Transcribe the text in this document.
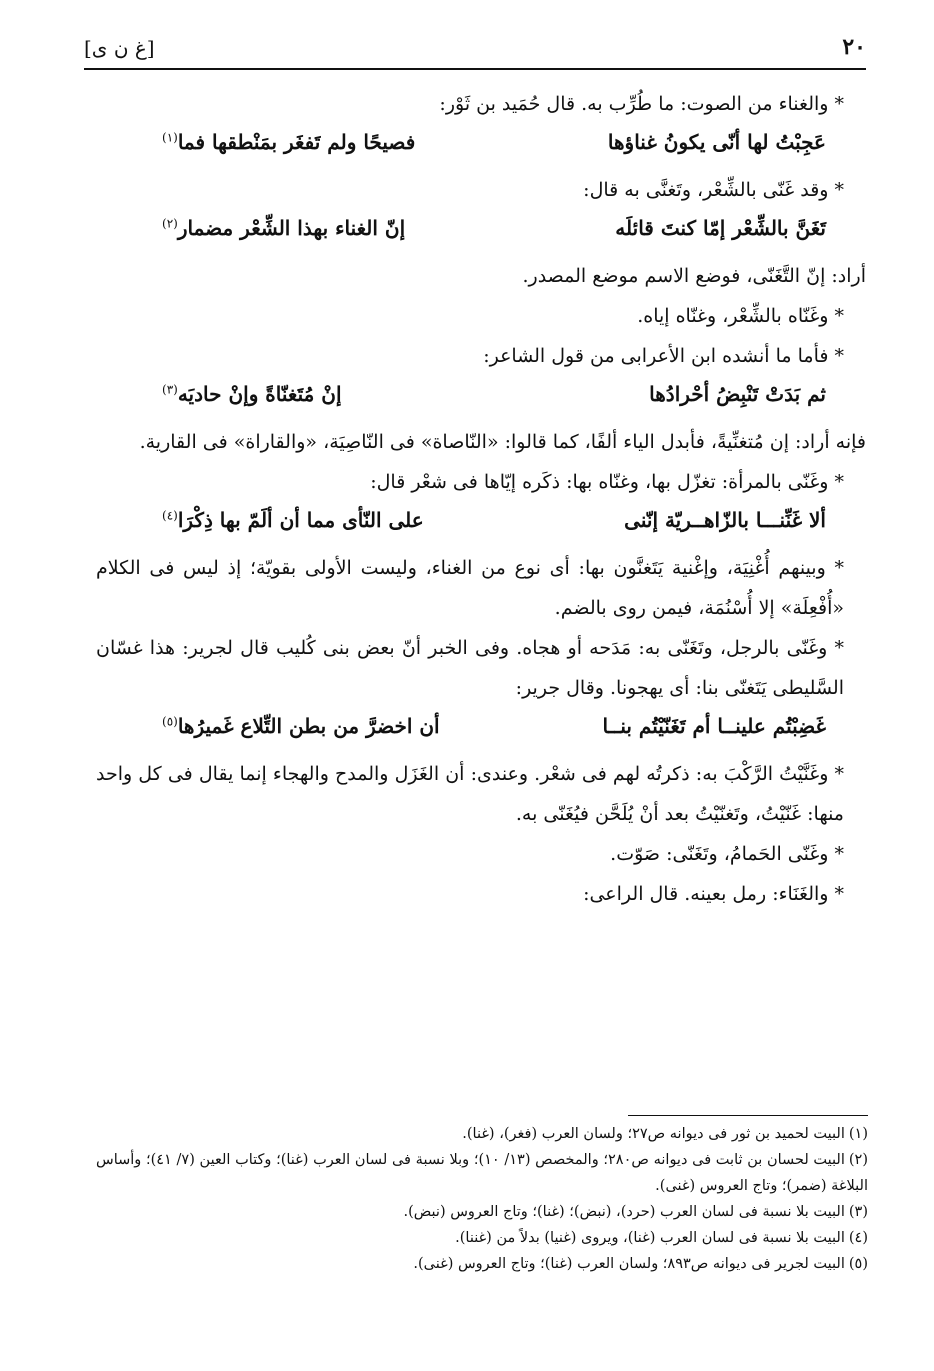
[غ ن ى]	٢٠

* والغناء من الصوت: ما طُرِّب به. قال حُمَيد بن ثَوْر:

عَجِبْتُ لها أنّى يكونُ غناؤها
فصيحًا ولم تَفغَر بمَنْطقها فما$^{(١)}$

* وقد غَنّى بالشِّعْر، وتَغنَّى به قال:

تَغَنَّ بالشِّعْر إمّا كنتَ قائلَه
إنّ الغناء بهذا الشِّعْر مضمار$^{(٢)}$

أراد: إنّ التَّغَنّى، فوضع الاسم موضع المصدر.

* وغَنّاه بالشِّعْر، وغنّاه إياه.

* فأما ما أنشده ابن الأعرابى من قول الشاعر:

ثم بَدَتْ تَنْبِضُ أحْرادُها
إنْ مُتَغنّاةً وإنْ حاديَه$^{(٣)}$

فإنه أراد: إن مُتغنِّيةً، فأبدل الياء ألفًا، كما قالوا: «النّاصاة» فى النّاصِيَة، «والقاراة» فى القارية.

* وغَنّى بالمرأة: تغزّل بها، وغنّاه بها: ذكَره إيّاها فى شعْر قال:

ألا غَنِّنـــا بالزّاهــريّة إنّنى
على النّأى مما أن ألَمّ بها ذِكْرَا$^{(٤)}$

* وبينهم أُغْنِيَة، وإغْنية يَتَغنَّون بها: أى نوع من الغناء، وليست الأولى بقويّة؛ إذ ليس فى الكلام «أُفْعِلَة» إلا أُسْنُمَة، فيمن روى بالضم.

* وغَنّى بالرجل، وتَغَنّى به: مَدَحه أو هجاه. وفى الخبر أنّ بعض بنى كُليب قال لجرير: هذا غسّان السَّليطى يَتَغنّى بنا: أى يهجونا. وقال جرير:

غَضِبْتُم علينــا أم تَغَنّيْتُم بنــا
أن اخضرَّ من بطن التِّلاع غَميرُها$^{(٥)}$

* وغَنَّيْتُ الرَّكْبَ به: ذكرتُه لهم فى شعْر. وعندى: أن الغَزَل والمدح والهجاء إنما يقال فى كل واحد منها: غَنّيْتُ، وتَغنّيْتُ بعد أنْ يُلَحَّن فيُغَنّى به.

* وغَنّى الحَمامُ، وتَغَنّى: صَوّت.

* والغَنَاء: رمل بعينه. قال الراعى:

(١)البيت لحميد بن ثور فى ديوانه ص٢٧؛ ولسان العرب (فغر)، (غنا).

(٢)البيت لحسان بن ثابت فى ديوانه ص٢٨٠؛ والمخصص (١٣/ ١٠)؛ وبلا نسبة فى لسان العرب (غنا)؛ وكتاب العين (٧/ ٤١)؛ وأساس البلاغة (ضمر)؛ وتاج العروس (غنى).

(٣)البيت بلا نسبة فى لسان العرب (حرد)، (نبض)؛ (غنا)؛ وتاج العروس (نبض).

(٤)البيت بلا نسبة فى لسان العرب (غنا)، ويروى (غنيا) بدلاً من (غننا).

(٥)البيت لجرير فى ديوانه ص٨٩٣؛ ولسان العرب (غنا)؛ وتاج العروس (غنى).
